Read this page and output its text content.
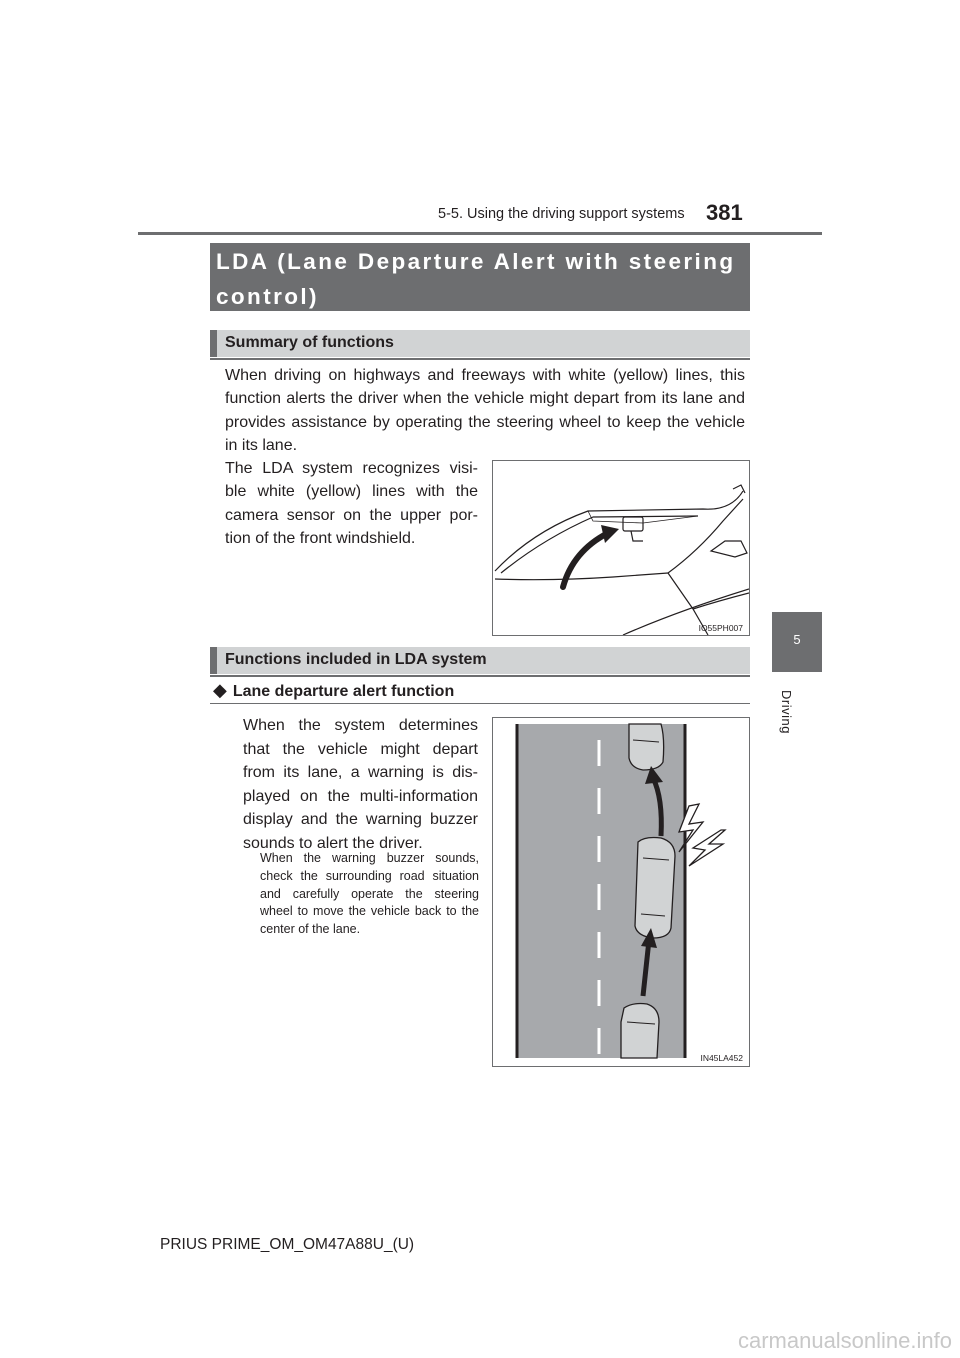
5-5. Using the driving support systems 381
LDA (Lane Departure Alert with steering
control)
Summary of functions
When driving on highways and freeways with white (yellow) lines, this function alerts the driver when the vehicle might depart from its lane and provides assistance by operating the steering wheel to keep the vehicle in its lane.
The LDA system recognizes visi-ble white (yellow) lines with the camera sensor on the upper por-tion of the front windshield.
IO55PH007
Functions included in LDA system
◆ Lane departure alert function
When the system determines that the vehicle might depart from its lane, a warning is dis-played on the multi-information display and the warning buzzer sounds to alert the driver.
When the warning buzzer sounds, check the surrounding road situation and carefully operate the steering wheel to move the vehicle back to the center of the lane.
IN45LA452
5
Driving
PRIUS PRIME_OM_OM47A88U_(U)
carmanualsonline.info
